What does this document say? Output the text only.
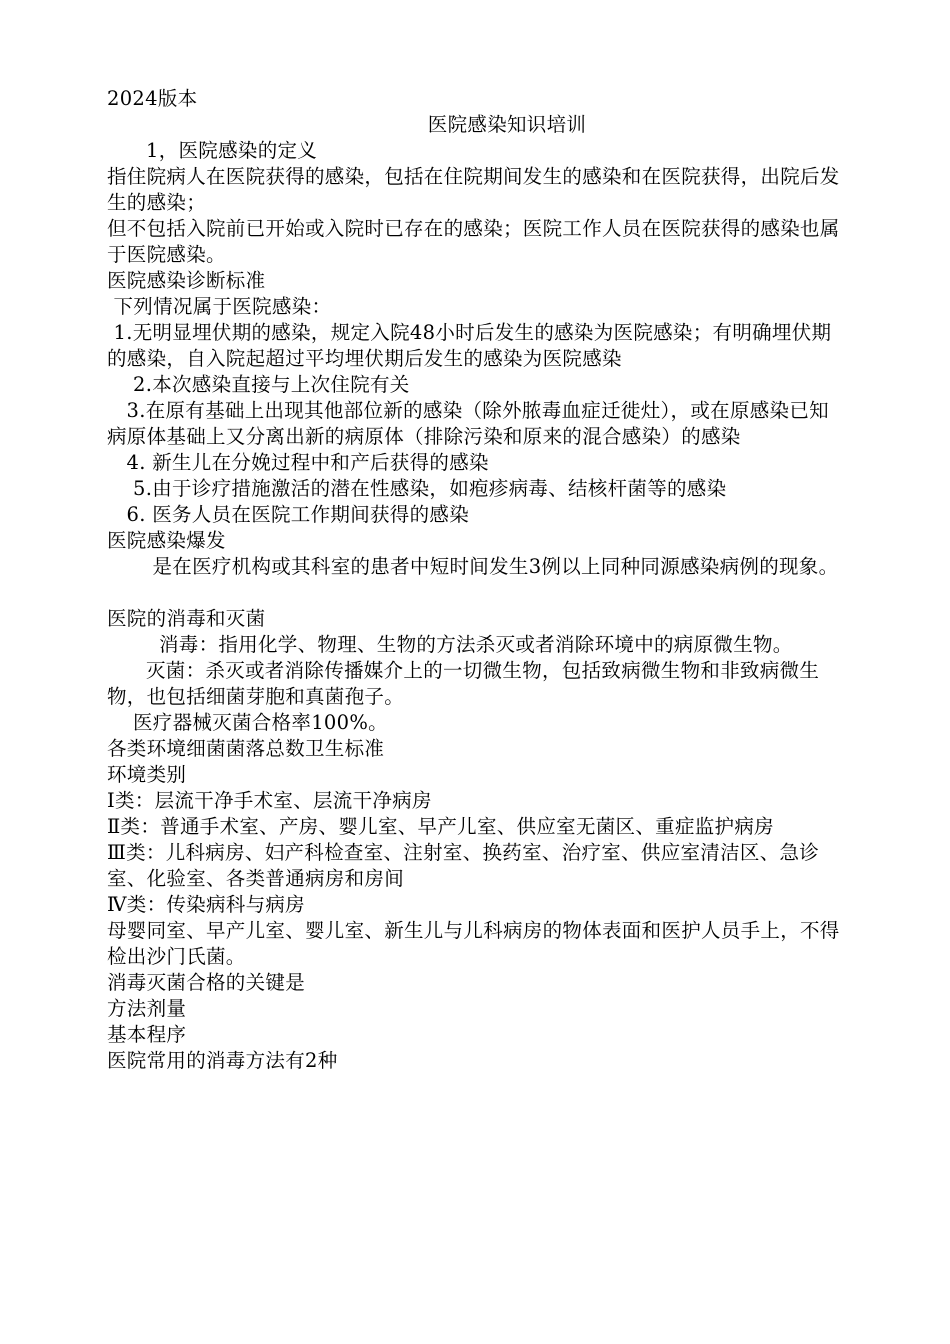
2024版本

医院感染知识培训

1，医院感染的定义

指住院病人在医院获得的感染，包括在住院期间发生的感染和在医院获得，出院后发生的感染；

但不包括入院前已开始或入院时已存在的感染；医院工作人员在医院获得的感染也属于医院感染。

医院感染诊断标准

下列情况属于医院感染：

1.无明显埋伏期的感染，规定入院48小时后发生的感染为医院感染；有明确埋伏期的感染，自入院起超过平均埋伏期后发生的感染为医院感染

2.本次感染直接与上次住院有关

3.在原有基础上出现其他部位新的感染（除外脓毒血症迁徙灶），或在原感染已知病原体基础上又分离出新的病原体（排除污染和原来的混合感染）的感染

4. 新生儿在分娩过程中和产后获得的感染

5.由于诊疗措施激活的潜在性感染，如疱疹病毒、结核杆菌等的感染

6. 医务人员在医院工作期间获得的感染

医院感染爆发

是在医疗机构或其科室的患者中短时间发生3例以上同种同源感染病例的现象。

医院的消毒和灭菌

消毒：指用化学、物理、生物的方法杀灭或者消除环境中的病原微生物。

灭菌：杀灭或者消除传播媒介上的一切微生物，包括致病微生物和非致病微生物，也包括细菌芽胞和真菌孢子。

医疗器械灭菌合格率100%。

各类环境细菌菌落总数卫生标准

环境类别

Ⅰ类：层流干净手术室、层流干净病房

Ⅱ类：普通手术室、产房、婴儿室、早产儿室、供应室无菌区、重症监护病房

Ⅲ类：儿科病房、妇产科检查室、注射室、换药室、治疗室、供应室清洁区、急诊室、化验室、各类普通病房和房间

Ⅳ类：传染病科与病房

母婴同室、早产儿室、婴儿室、新生儿与儿科病房的物体表面和医护人员手上，不得检出沙门氏菌。

消毒灭菌合格的关键是

方法剂量

基本程序

医院常用的消毒方法有2种
